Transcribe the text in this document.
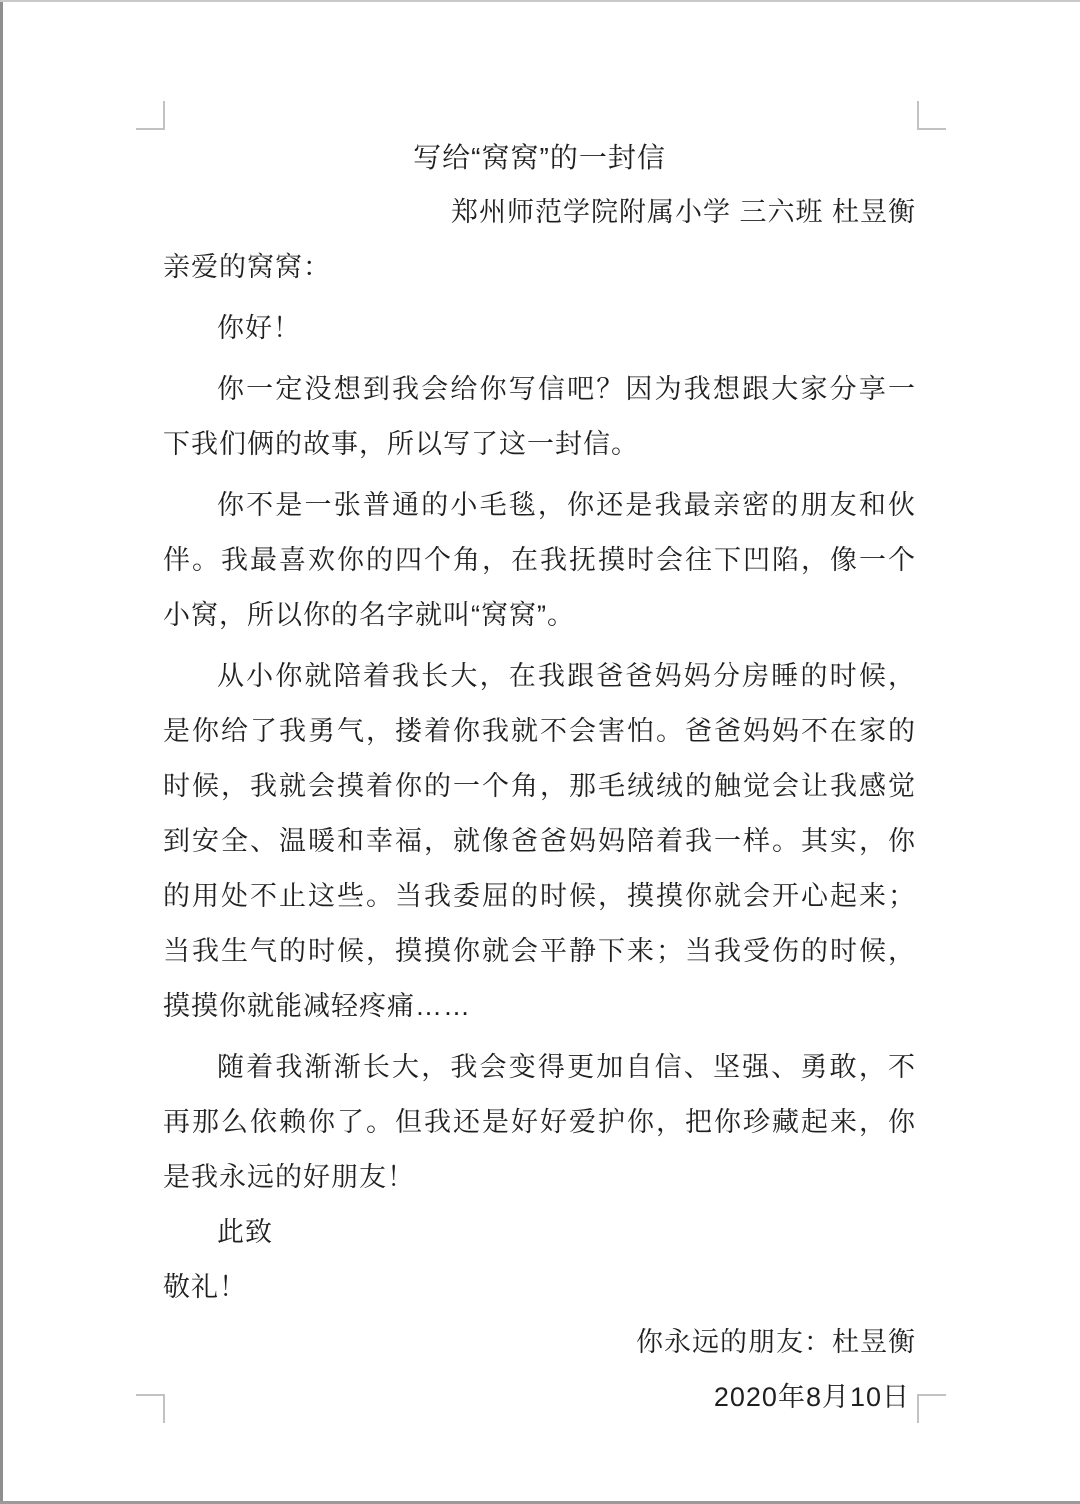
写给“窝窝”的一封信
郑州师范学院附属小学 三六班 杜昱衡
亲爱的窝窝：

你好！

你一定没想到我会给你写信吧？因为我想跟大家分享一下我们俩的故事，所以写了这一封信。

你不是一张普通的小毛毯，你还是我最亲密的朋友和伙伴。我最喜欢你的四个角，在我抚摸时会往下凹陷，像一个小窝，所以你的名字就叫“窝窝”。

从小你就陪着我长大，在我跟爸爸妈妈分房睡的时候，是你给了我勇气，搂着你我就不会害怕。爸爸妈妈不在家的时候，我就会摸着你的一个角，那毛绒绒的触觉会让我感觉到安全、温暖和幸福，就像爸爸妈妈陪着我一样。其实，你的用处不止这些。当我委屈的时候，摸摸你就会开心起来；当我生气的时候，摸摸你就会平静下来；当我受伤的时候，摸摸你就能减轻疼痛……

随着我渐渐长大，我会变得更加自信、坚强、勇敢，不再那么依赖你了。但我还是好好爱护你，把你珍藏起来，你是我永远的好朋友！

此致

敬礼！

你永远的朋友：杜昱衡

2020年8月10日
